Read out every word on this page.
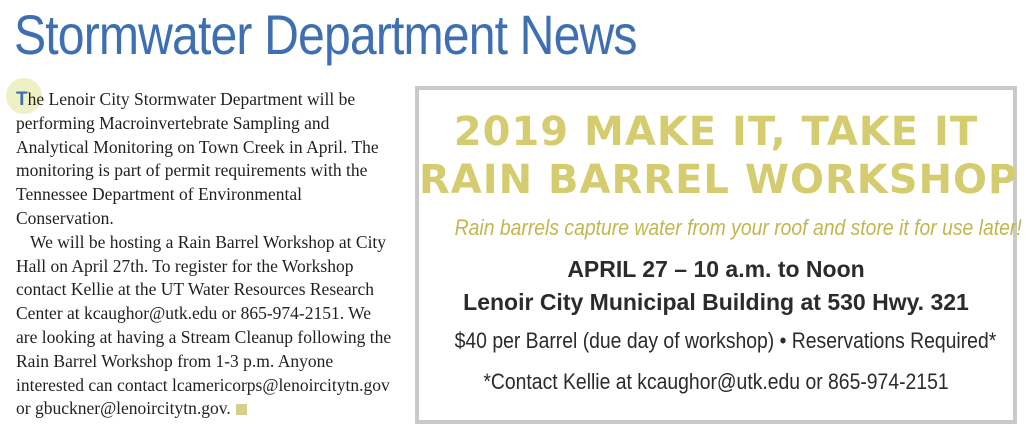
Stormwater Department News

The Lenoir City Stormwater Department will be performing Macroinvertebrate Sampling and Analytical Monitoring on Town Creek in April. The monitoring is part of permit requirements with the Tennessee Department of Environmental Conservation.

We will be hosting a Rain Barrel Workshop at City Hall on April 27th. To register for the Workshop contact Kellie at the UT Water Resources Research Center at kcaughor@utk.edu or 865-974-2151. We are looking at having a Stream Cleanup following the Rain Barrel Workshop from 1-3 p.m. Anyone interested can contact lcamericorps@lenoircitytn.gov or gbuckner@lenoircitytn.gov.

2019 MAKE IT, TAKE IT
RAIN BARREL WORKSHOP
Rain barrels capture water from your roof and store it for use later!
APRIL 27 – 10 a.m. to Noon
Lenoir City Municipal Building at 530 Hwy. 321
$40 per Barrel (due day of workshop) • Reservations Required*
*Contact Kellie at kcaughor@utk.edu or 865-974-2151
